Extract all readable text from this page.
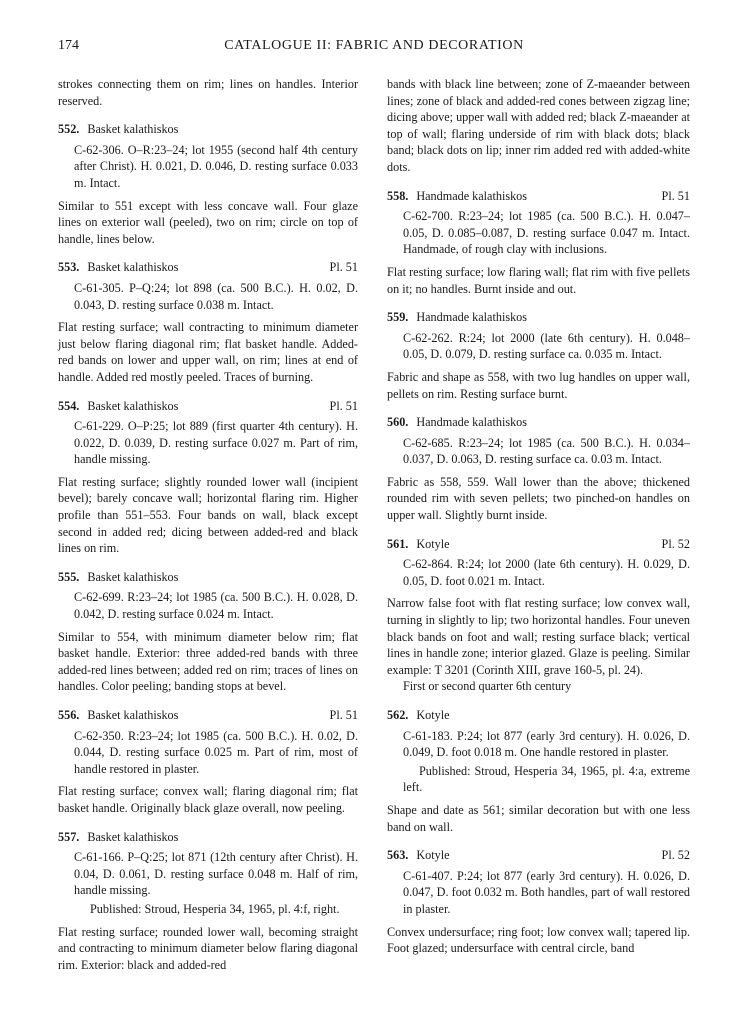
174	CATALOGUE II: FABRIC AND DECORATION

strokes connecting them on rim; lines on handles. Interior reserved.

552. Basket kalathiskos

C-62-306. O–R:23–24; lot 1955 (second half 4th century after Christ). H. 0.021, D. 0.046, D. resting surface 0.033 m. Intact.

Similar to 551 except with less concave wall. Four glaze lines on exterior wall (peeled), two on rim; circle on top of handle, lines below.

553. Basket kalathiskos	Pl. 51

C-61-305. P–Q:24; lot 898 (ca. 500 B.C.). H. 0.02, D. 0.043, D. resting surface 0.038 m. Intact.

Flat resting surface; wall contracting to minimum diameter just below flaring diagonal rim; flat basket handle. Added-red bands on lower and upper wall, on rim; lines at end of handle. Added red mostly peeled. Traces of burning.

554. Basket kalathiskos	Pl. 51

C-61-229. O–P:25; lot 889 (first quarter 4th century). H. 0.022, D. 0.039, D. resting surface 0.027 m. Part of rim, handle missing.

Flat resting surface; slightly rounded lower wall (incipient bevel); barely concave wall; horizontal flaring rim. Higher profile than 551–553. Four bands on wall, black except second in added red; dicing between added-red and black lines on rim.

555. Basket kalathiskos

C-62-699. R:23–24; lot 1985 (ca. 500 B.C.). H. 0.028, D. 0.042, D. resting surface 0.024 m. Intact.

Similar to 554, with minimum diameter below rim; flat basket handle. Exterior: three added-red bands with three added-red lines between; added red on rim; traces of lines on handles. Color peeling; banding stops at bevel.

556. Basket kalathiskos	Pl. 51

C-62-350. R:23–24; lot 1985 (ca. 500 B.C.). H. 0.02, D. 0.044, D. resting surface 0.025 m. Part of rim, most of handle restored in plaster.

Flat resting surface; convex wall; flaring diagonal rim; flat basket handle. Originally black glaze overall, now peeling.

557. Basket kalathiskos

C-61-166. P–Q:25; lot 871 (12th century after Christ). H. 0.04, D. 0.061, D. resting surface 0.048 m. Half of rim, handle missing.

Published: Stroud, Hesperia 34, 1965, pl. 4:f, right.

Flat resting surface; rounded lower wall, becoming straight and contracting to minimum diameter below flaring diagonal rim. Exterior: black and added-red

bands with black line between; zone of Z-maeander between lines; zone of black and added-red cones between zigzag line; dicing above; upper wall with added red; black Z-maeander at top of wall; flaring underside of rim with black dots; black band; black dots on lip; inner rim added red with added-white dots.

558. Handmade kalathiskos	Pl. 51

C-62-700. R:23–24; lot 1985 (ca. 500 B.C.). H. 0.047–0.05, D. 0.085–0.087, D. resting surface 0.047 m. Intact. Handmade, of rough clay with inclusions.

Flat resting surface; low flaring wall; flat rim with five pellets on it; no handles. Burnt inside and out.

559. Handmade kalathiskos

C-62-262. R:24; lot 2000 (late 6th century). H. 0.048–0.05, D. 0.079, D. resting surface ca. 0.035 m. Intact.

Fabric and shape as 558, with two lug handles on upper wall, pellets on rim. Resting surface burnt.

560. Handmade kalathiskos

C-62-685. R:23–24; lot 1985 (ca. 500 B.C.). H. 0.034–0.037, D. 0.063, D. resting surface ca. 0.03 m. Intact.

Fabric as 558, 559. Wall lower than the above; thickened rounded rim with seven pellets; two pinched-on handles on upper wall. Slightly burnt inside.

561. Kotyle	Pl. 52

C-62-864. R:24; lot 2000 (late 6th century). H. 0.029, D. 0.05, D. foot 0.021 m. Intact.

Narrow false foot with flat resting surface; low convex wall, turning in slightly to lip; two horizontal handles. Four uneven black bands on foot and wall; resting surface black; vertical lines in handle zone; interior glazed. Glaze is peeling. Similar example: T 3201 (Corinth XIII, grave 160-5, pl. 24).

First or second quarter 6th century

562. Kotyle

C-61-183. P:24; lot 877 (early 3rd century). H. 0.026, D. 0.049, D. foot 0.018 m. One handle restored in plaster.

Published: Stroud, Hesperia 34, 1965, pl. 4:a, extreme left.

Shape and date as 561; similar decoration but with one less band on wall.

563. Kotyle	Pl. 52

C-61-407. P:24; lot 877 (early 3rd century). H. 0.026, D. 0.047, D. foot 0.032 m. Both handles, part of wall restored in plaster.

Convex undersurface; ring foot; low convex wall; tapered lip. Foot glazed; undersurface with central circle, band
